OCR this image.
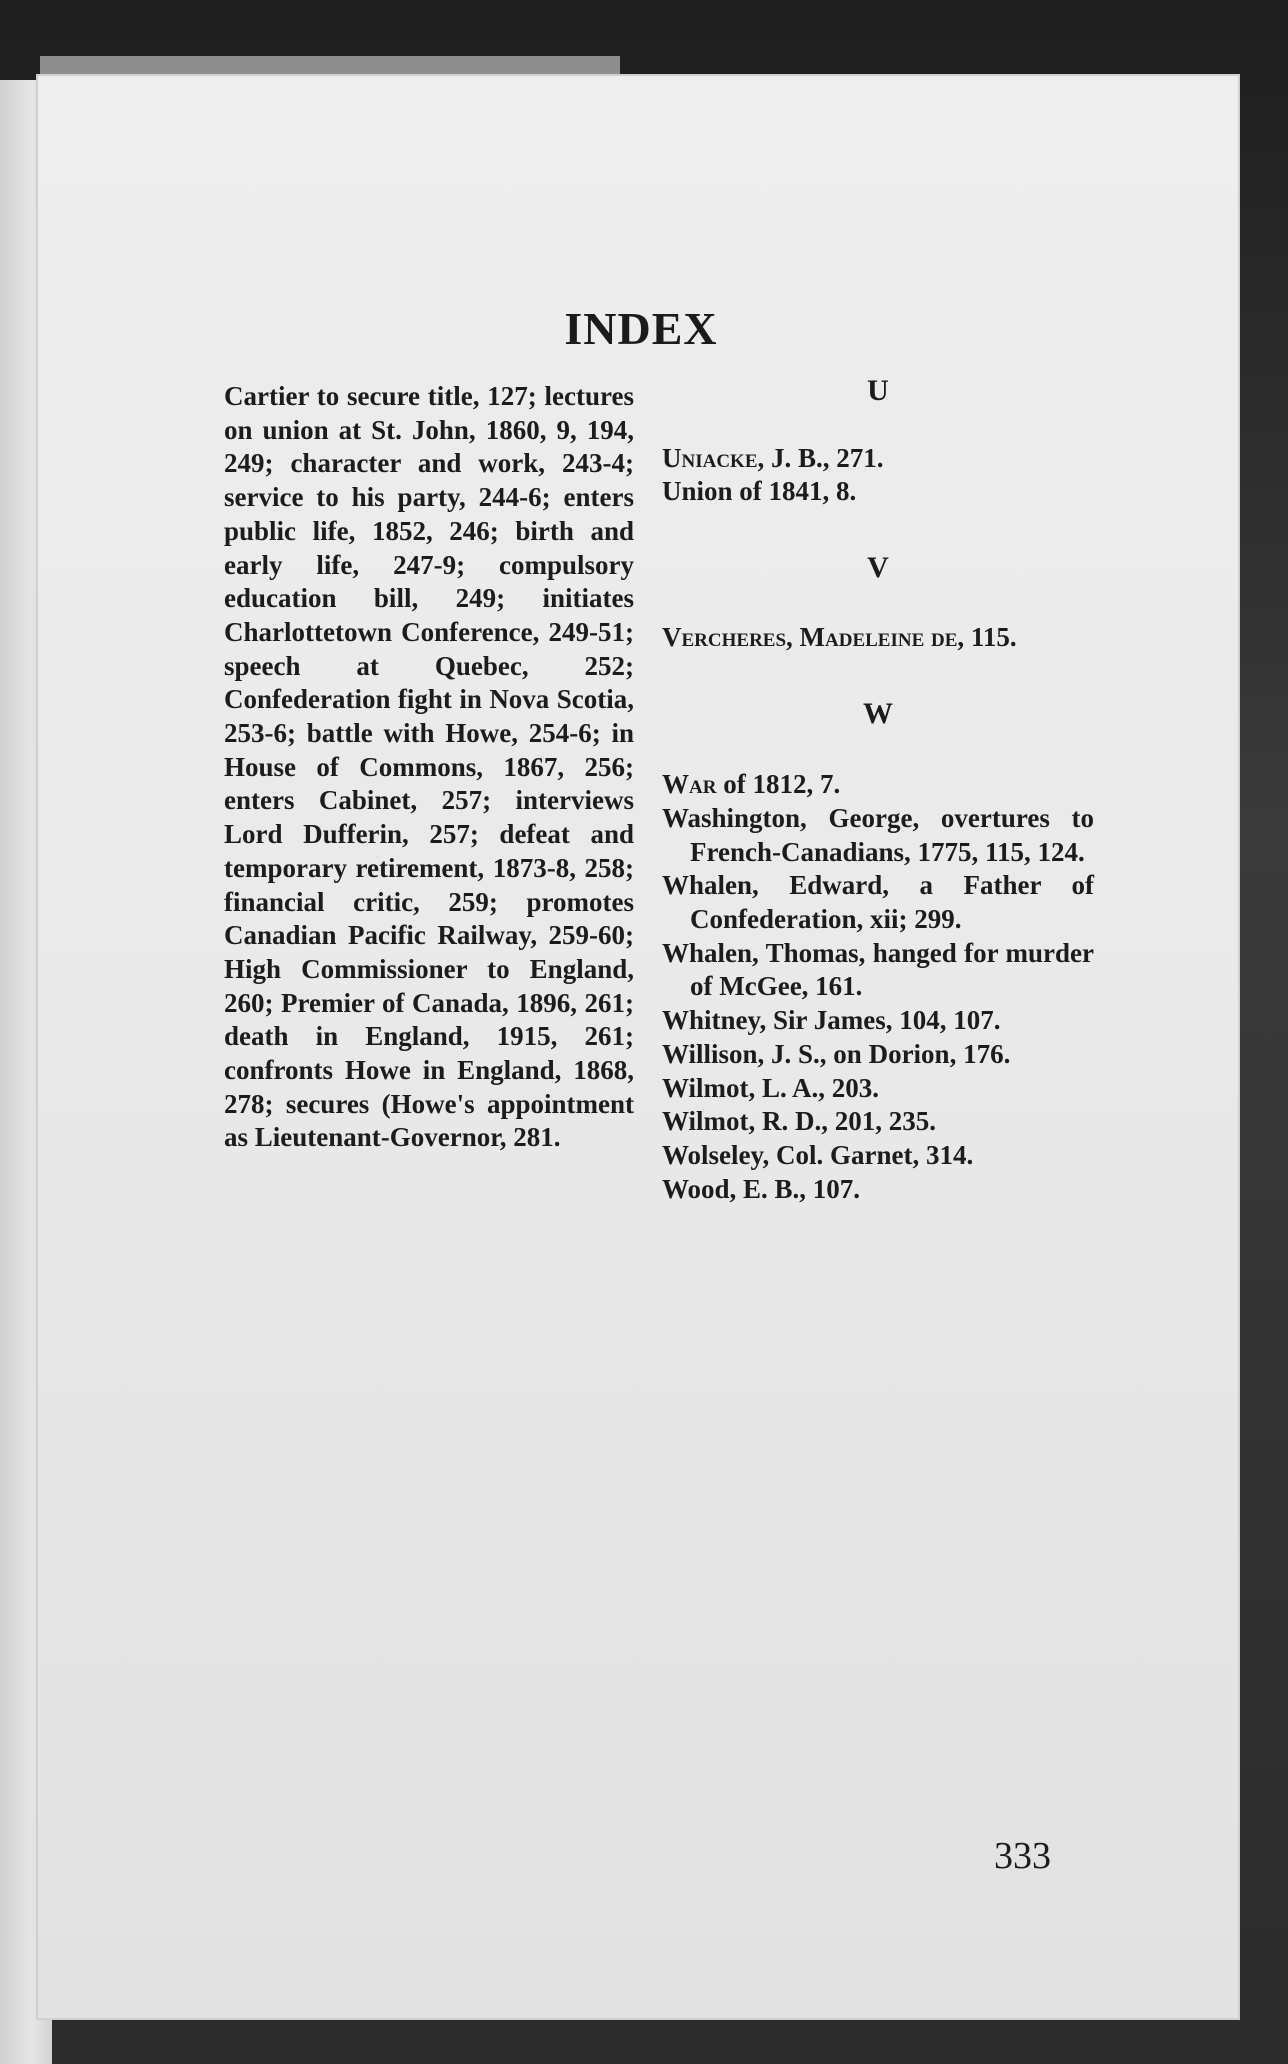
INDEX

Cartier to secure title, 127; lectures on union at St. John, 1860, 9, 194, 249; character and work, 243-4; service to his party, 244-6; enters public life, 1852, 246; birth and early life, 247-9; compulsory education bill, 249; initiates Charlottetown Conference, 249-51; speech at Quebec, 252; Confederation fight in Nova Scotia, 253-6; battle with Howe, 254-6; in House of Commons, 1867, 256; enters Cabinet, 257; interviews Lord Dufferin, 257; defeat and temporary retirement, 1873-8, 258; financial critic, 259; promotes Canadian Pacific Railway, 259-60; High Commissioner to England, 260; Premier of Canada, 1896, 261; death in England, 1915, 261; confronts Howe in England, 1868, 278; secures (Howe's appointment as Lieutenant-Governor, 281.

U

Uniacke, J. B., 271.

Union of 1841, 8.

V

Vercheres, Madeleine de, 115.

W

War of 1812, 7.

Washington, George, overtures to French-Canadians, 1775, 115, 124.

Whalen, Edward, a Father of Confederation, xii; 299.

Whalen, Thomas, hanged for murder of McGee, 161.

Whitney, Sir James, 104, 107.

Willison, J. S., on Dorion, 176.

Wilmot, L. A., 203.

Wilmot, R. D., 201, 235.

Wolseley, Col. Garnet, 314.

Wood, E. B., 107.

333
